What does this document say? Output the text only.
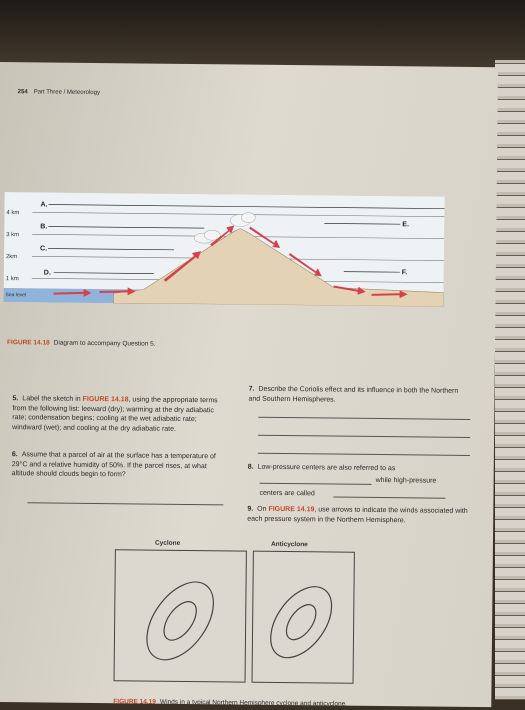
254 Part Three / Meteorology
4 km
3 km
2km
1 km
Sea level
A.
B.
C.
D.
E.
F.
FIGURE 14.18 Diagram to accompany Question 5.
5. Label the sketch in FIGURE 14.18, using the appropriate terms from the following list: leeward (dry); warming at the dry adiabatic rate; condensation begins; cooling at the wet adiabatic rate; windward (wet); and cooling at the dry adiabatic rate.
6. Assume that a parcel of air at the surface has a temperature of 29°C and a relative humidity of 50%. If the parcel rises, at what altitude should clouds begin to form?
7. Describe the Coriolis effect and its influence in both the Northern and Southern Hemispheres.
8. Low-pressure centers are also referred to as
while high-pressure
centers are called
9. On FIGURE 14.19, use arrows to indicate the winds associated with each pressure system in the Northern Hemisphere.
Cyclone	Anticyclone
FIGURE 14.19 Winds in a typical Northern Hemisphere cyclone and anticyclone.
